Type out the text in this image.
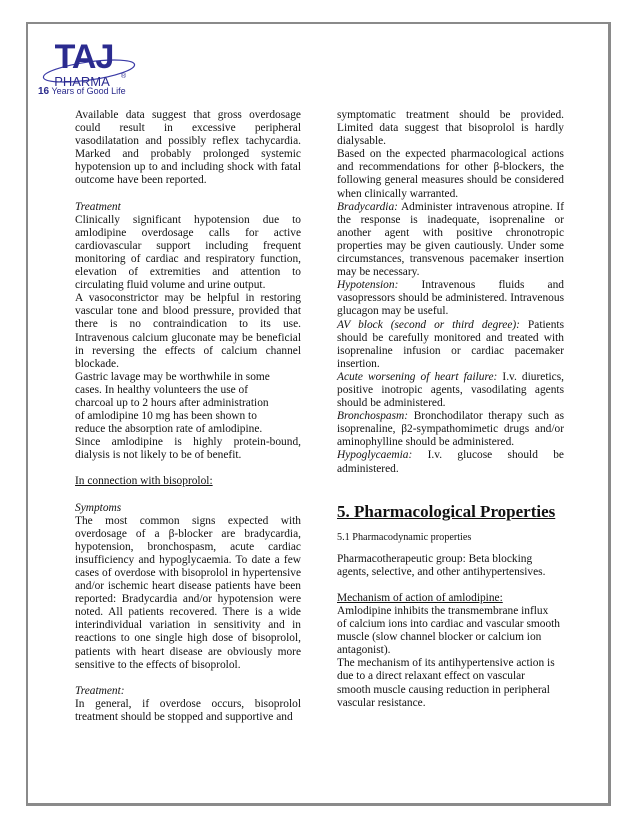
TAJ
PHARMA ®
16 Years of Good Life

Available data suggest that gross overdosage could result in excessive peripheral vasodilatation and possibly reflex tachycardia. Marked and probably prolonged systemic hypotension up to and including shock with fatal outcome have been reported.

Treatment

Clinically significant hypotension due to amlodipine overdosage calls for active cardiovascular support including frequent monitoring of cardiac and respiratory function, elevation of extremities and attention to circulating fluid volume and urine output.

A vasoconstrictor may be helpful in restoring vascular tone and blood pressure, provided that there is no contraindication to its use. Intravenous calcium gluconate may be beneficial in reversing the effects of calcium channel blockade.

Gastric lavage may be worthwhile in some
cases. In healthy volunteers the use of
charcoal up to 2 hours after administration
of amlodipine 10 mg has been shown to
reduce the absorption rate of amlodipine.

Since amlodipine is highly protein-bound, dialysis is not likely to be of benefit.

In connection with bisoprolol:

Symptoms

The most common signs expected with overdosage of a β-blocker are bradycardia, hypotension, bronchospasm, acute cardiac insufficiency and hypoglycaemia. To date a few cases of overdose with bisoprolol in hypertensive and/or ischemic heart disease patients have been reported: Bradycardia and/or hypotension were noted. All patients recovered. There is a wide interindividual variation in sensitivity and in reactions to one single high dose of bisoprolol, patients with heart disease are obviously more sensitive to the effects of bisoprolol.

Treatment:

In general, if overdose occurs, bisoprolol treatment should be stopped and supportive and

symptomatic treatment should be provided. Limited data suggest that bisoprolol is hardly dialysable.

Based on the expected pharmacological actions and recommendations for other β-blockers, the following general measures should be considered when clinically warranted.

Bradycardia: Administer intravenous atropine. If the response is inadequate, isoprenaline or another agent with positive chronotropic properties may be given cautiously. Under some circumstances, transvenous pacemaker insertion may be necessary.

Hypotension: Intravenous fluids and vasopressors should be administered. Intravenous glucagon may be useful.

AV block (second or third degree): Patients should be carefully monitored and treated with isoprenaline infusion or cardiac pacemaker insertion.

Acute worsening of heart failure: I.v. diuretics, positive inotropic agents, vasodilating agents should be administered.

Bronchospasm: Bronchodilator therapy such as isoprenaline, β2-sympathomimetic drugs and/or aminophylline should be administered.

Hypoglycaemia: I.v. glucose should be administered.

5. Pharmacological Properties

5.1 Pharmacodynamic properties

Pharmacotherapeutic group: Beta blocking
agents, selective, and other antihypertensives.

Mechanism of action of amlodipine:

Amlodipine inhibits the transmembrane influx
of calcium ions into cardiac and vascular smooth
muscle (slow channel blocker or calcium ion
antagonist).
The mechanism of its antihypertensive action is
due to a direct relaxant effect on vascular
smooth muscle causing reduction in peripheral
vascular resistance.
